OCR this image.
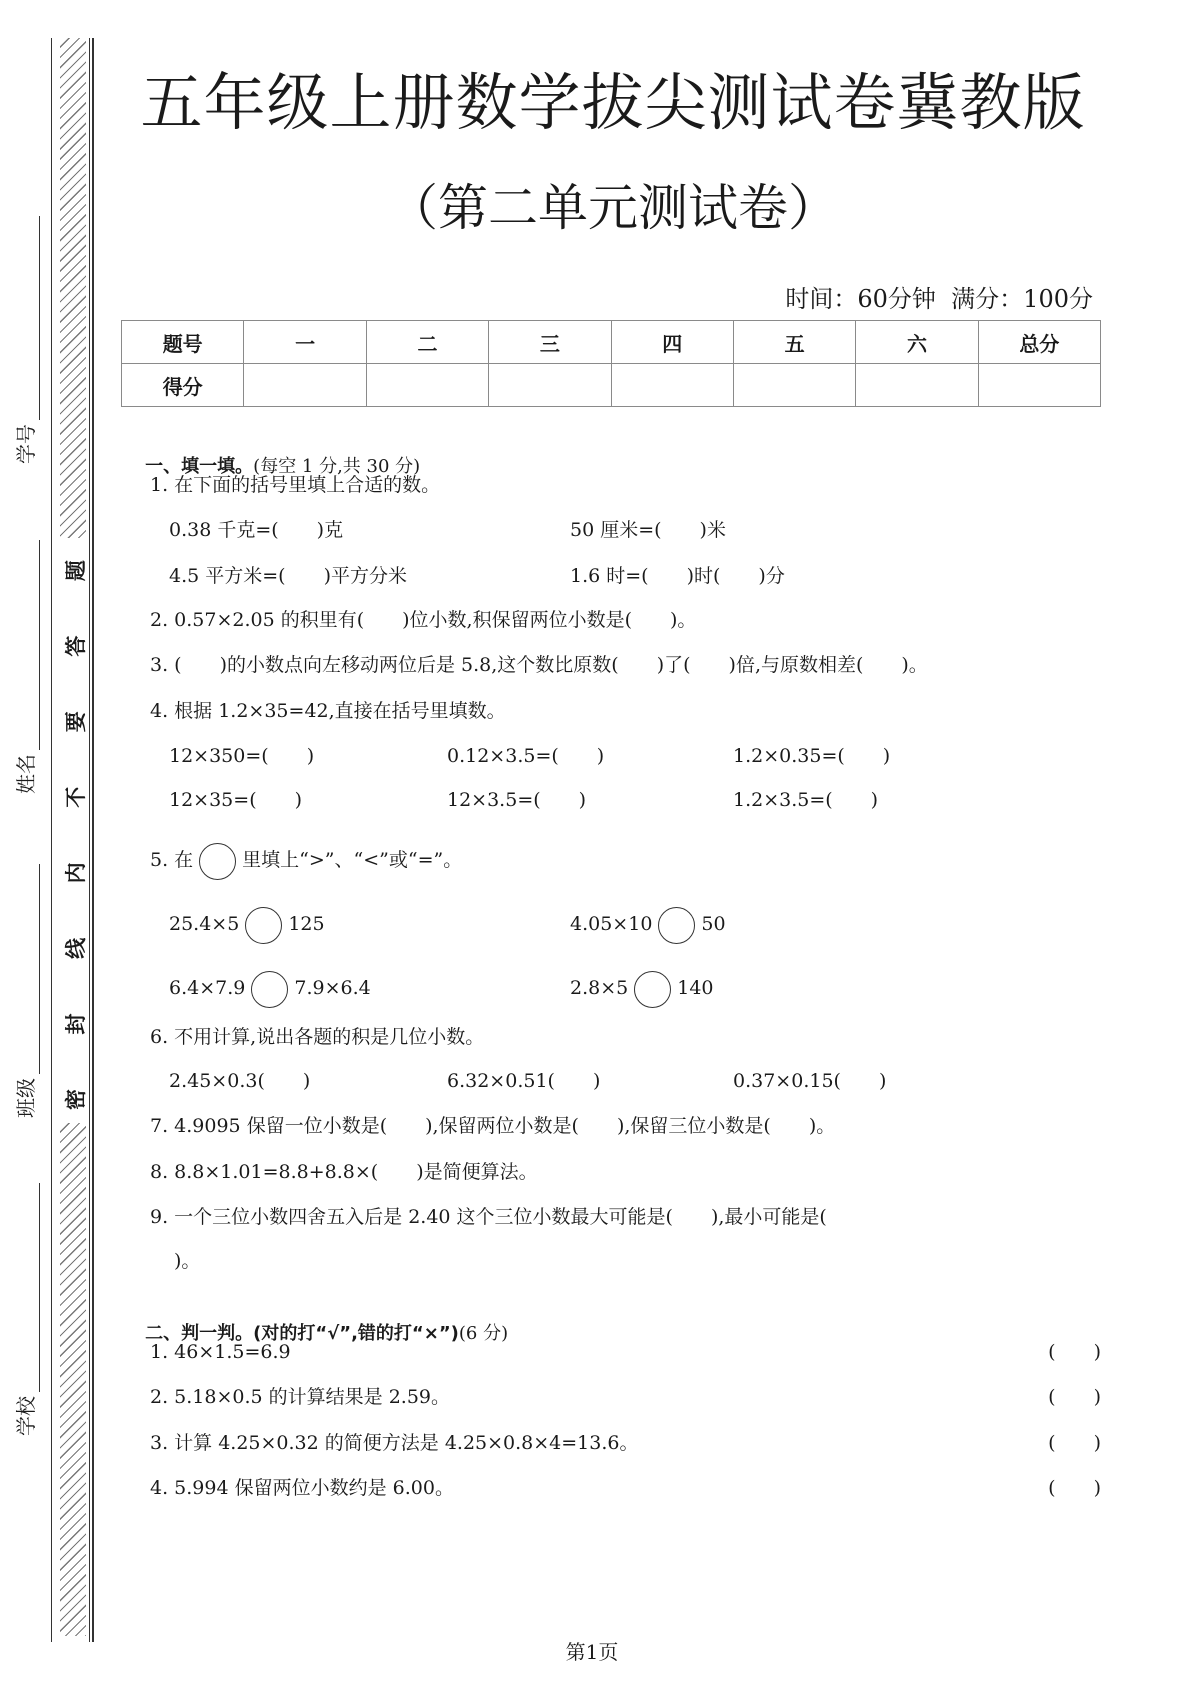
学号
姓名
班级
学校
密
封
线
内
不
要
答
题
五年级上册数学拔尖测试卷冀教版
（第二单元测试卷）
时间：60分钟  满分：100分
题号	一	二	三	四	五	六	总分
得分							

一、填一填。(每空 1 分,共 30 分)

1. 在下面的括号里填上合适的数。
0.38 千克=(　　)克	50 厘米=(　　)米
4.5 平方米=(　　)平方分米	1.6 时=(　　)时(　　)分
2. 0.57×2.05 的积里有(　　)位小数,积保留两位小数是(　　)。
3. (　　)的小数点向左移动两位后是 5.8,这个数比原数(　　)了(　　)倍,与原数相差(　　)。
4. 根据 1.2×35=42,直接在括号里填数。
12×350=(　　)	0.12×3.5=(　　)	1.2×0.35=(　　)
12×35=(　　)	12×3.5=(　　)	1.2×3.5=(　　)
5. 在	里填上“>”、“<”或“=”。
25.4×5	125	4.05×10	50
6.4×7.9	7.9×6.4	2.8×5	140
6. 不用计算,说出各题的积是几位小数。
2.45×0.3(　　)	6.32×0.51(　　)	0.37×0.15(　　)
7. 4.9095 保留一位小数是(　　),保留两位小数是(　　),保留三位小数是(　　)。
8. 8.8×1.01=8.8+8.8×(　　)是简便算法。
9. 一个三位小数四舍五入后是 2.40 这个三位小数最大可能是(　　),最小可能是(
)。

二、判一判。(对的打“√”,错的打“×”)(6 分)

1. 46×1.5=6.9	(　　)
2. 5.18×0.5 的计算结果是 2.59。	(　　)
3. 计算 4.25×0.32 的简便方法是 4.25×0.8×4=13.6。	(　　)
4. 5.994 保留两位小数约是 6.00。	(　　)
第1页
